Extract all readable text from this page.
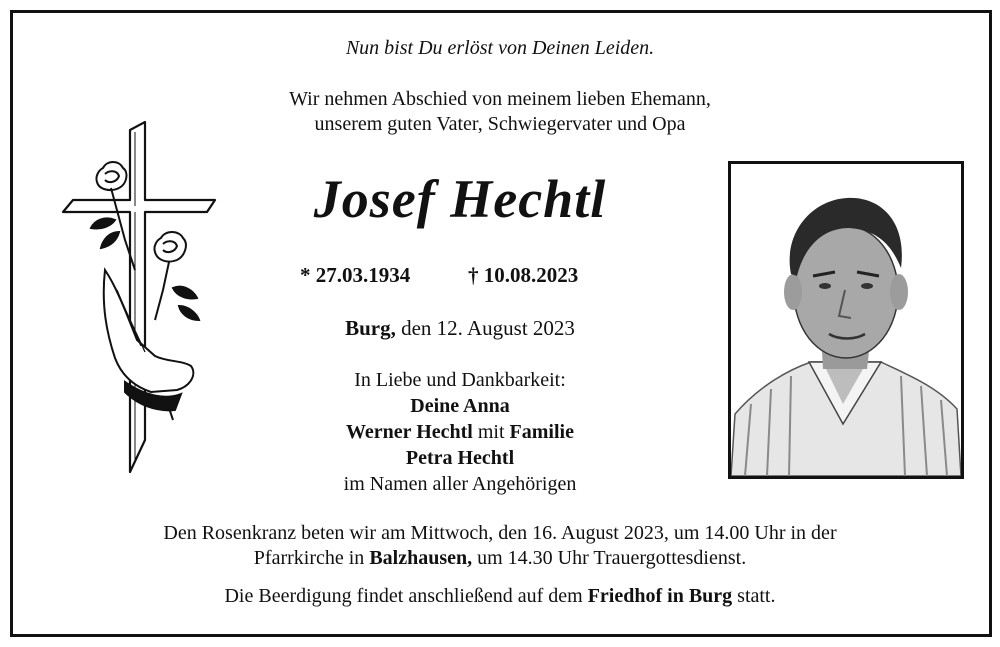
Nun bist Du erlöst von Deinen Leiden.
Wir nehmen Abschied von meinem lieben Ehemann,
unserem guten Vater, Schwiegervater und Opa
Josef Hechtl
* 27.03.1934	† 10.08.2023
Burg, den 12. August 2023
In Liebe und Dankbarkeit:
Deine Anna
Werner Hechtl mit Familie
Petra Hechtl
im Namen aller Angehörigen
Den Rosenkranz beten wir am Mittwoch, den 16. August 2023, um 14.00 Uhr in der
Pfarrkirche in Balzhausen, um 14.30 Uhr Trauergottesdienst.
Die Beerdigung findet anschließend auf dem Friedhof in Burg statt.
